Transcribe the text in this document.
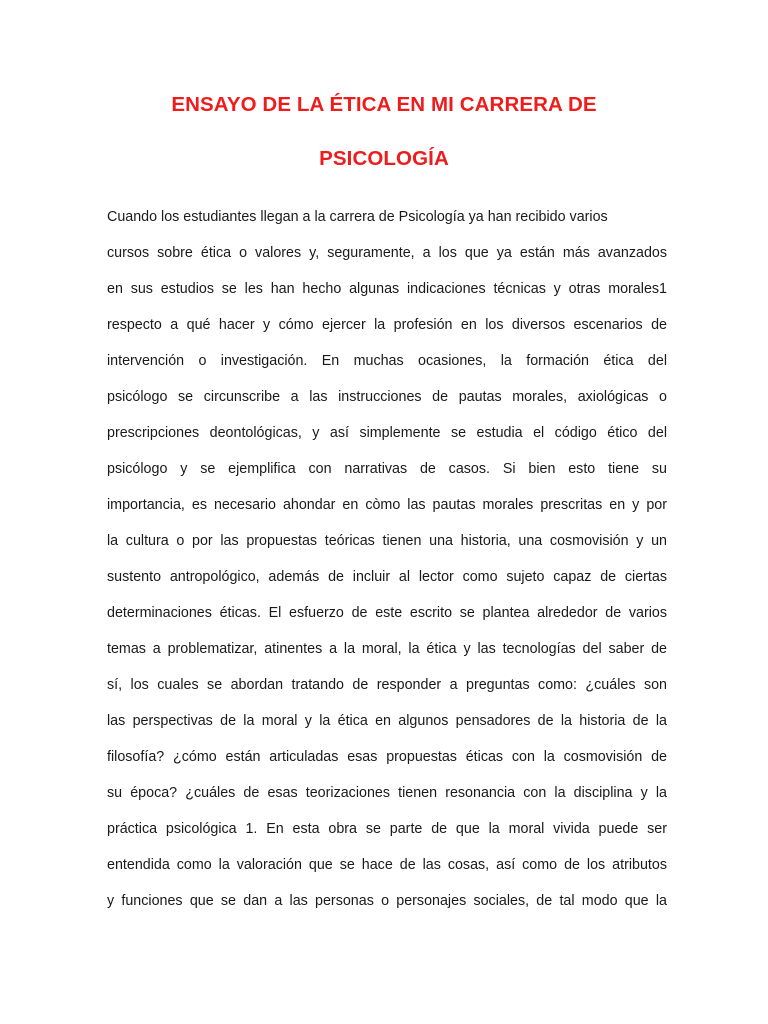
ENSAYO DE LA ÉTICA EN MI CARRERA DE
PSICOLOGÍA
Cuando los estudiantes llegan a la carrera de Psicología ya han recibido varios
cursos sobre ética o valores y, seguramente, a los que ya están más avanzados
en sus estudios se les han hecho algunas indicaciones técnicas y otras morales1
respecto a qué hacer y cómo ejercer la profesión en los diversos escenarios de
intervención o investigación. En muchas ocasiones, la formación ética del
psicólogo se circunscribe a las instrucciones de pautas morales, axiológicas o
prescripciones deontológicas, y así simplemente se estudia el código ético del
psicólogo y se ejemplifica con narrativas de casos. Si bien esto tiene su
importancia, es necesario ahondar en còmo las pautas morales prescritas en y por
la cultura o por las propuestas teóricas tienen una historia, una cosmovisión y un
sustento antropológico, además de incluir al lector como sujeto capaz de ciertas
determinaciones éticas. El esfuerzo de este escrito se plantea alrededor de varios
temas a problematizar, atinentes a la moral, la ética y las tecnologías del saber de
sí, los cuales se abordan tratando de responder a preguntas como: ¿cuáles son
las perspectivas de la moral y la ética en algunos pensadores de la historia de la
filosofía? ¿cómo están articuladas esas propuestas éticas con la cosmovisión de
su época? ¿cuáles de esas teorizaciones tienen resonancia con la disciplina y la
práctica psicológica 1. En esta obra se parte de que la moral vivida puede ser
entendida como la valoración que se hace de las cosas, así como de los atributos
y funciones que se dan a las personas o personajes sociales, de tal modo que la
